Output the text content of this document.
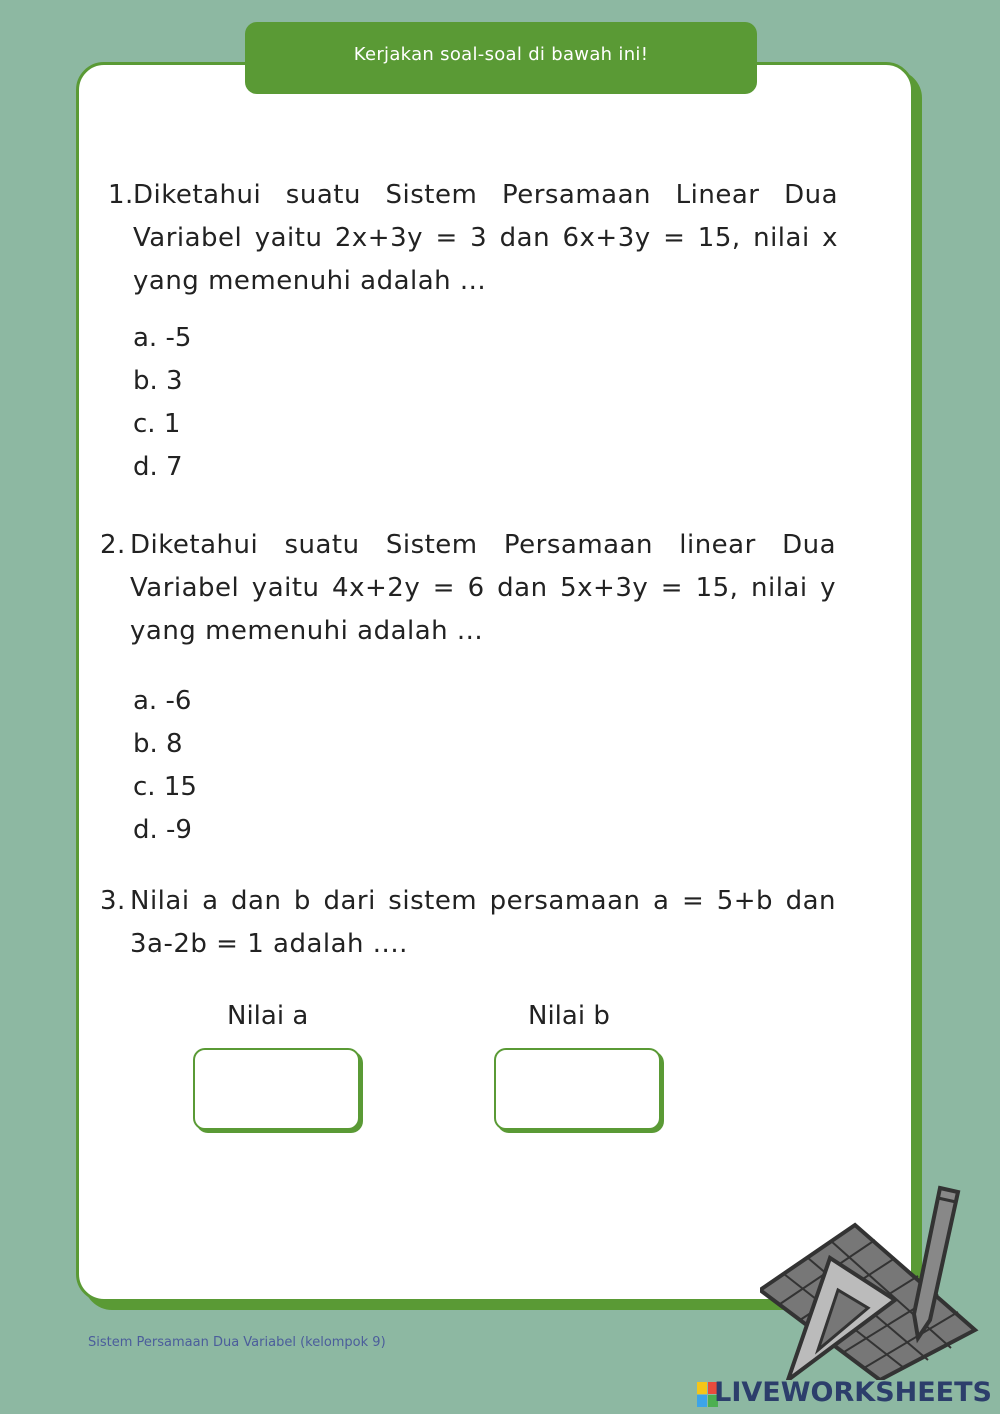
Kerjakan soal-soal di bawah ini!
1. Diketahui suatu Sistem Persamaan Linear Dua Variabel yaitu 2x+3y = 3 dan 6x+3y = 15, nilai x yang memenuhi adalah ...
a. -5
b. 3
c. 1
d. 7
2. Diketahui suatu Sistem Persamaan linear Dua Variabel yaitu 4x+2y = 6 dan 5x+3y = 15, nilai y yang memenuhi adalah ...
a. -6
b. 8
c. 15
d. -9
3. Nilai a dan b dari sistem persamaan a = 5+b dan 3a-2b = 1 adalah ....
Nilai a	Nilai b
Sistem Persamaan Dua Variabel (kelompok 9)
LIVEWORKSHEETS
